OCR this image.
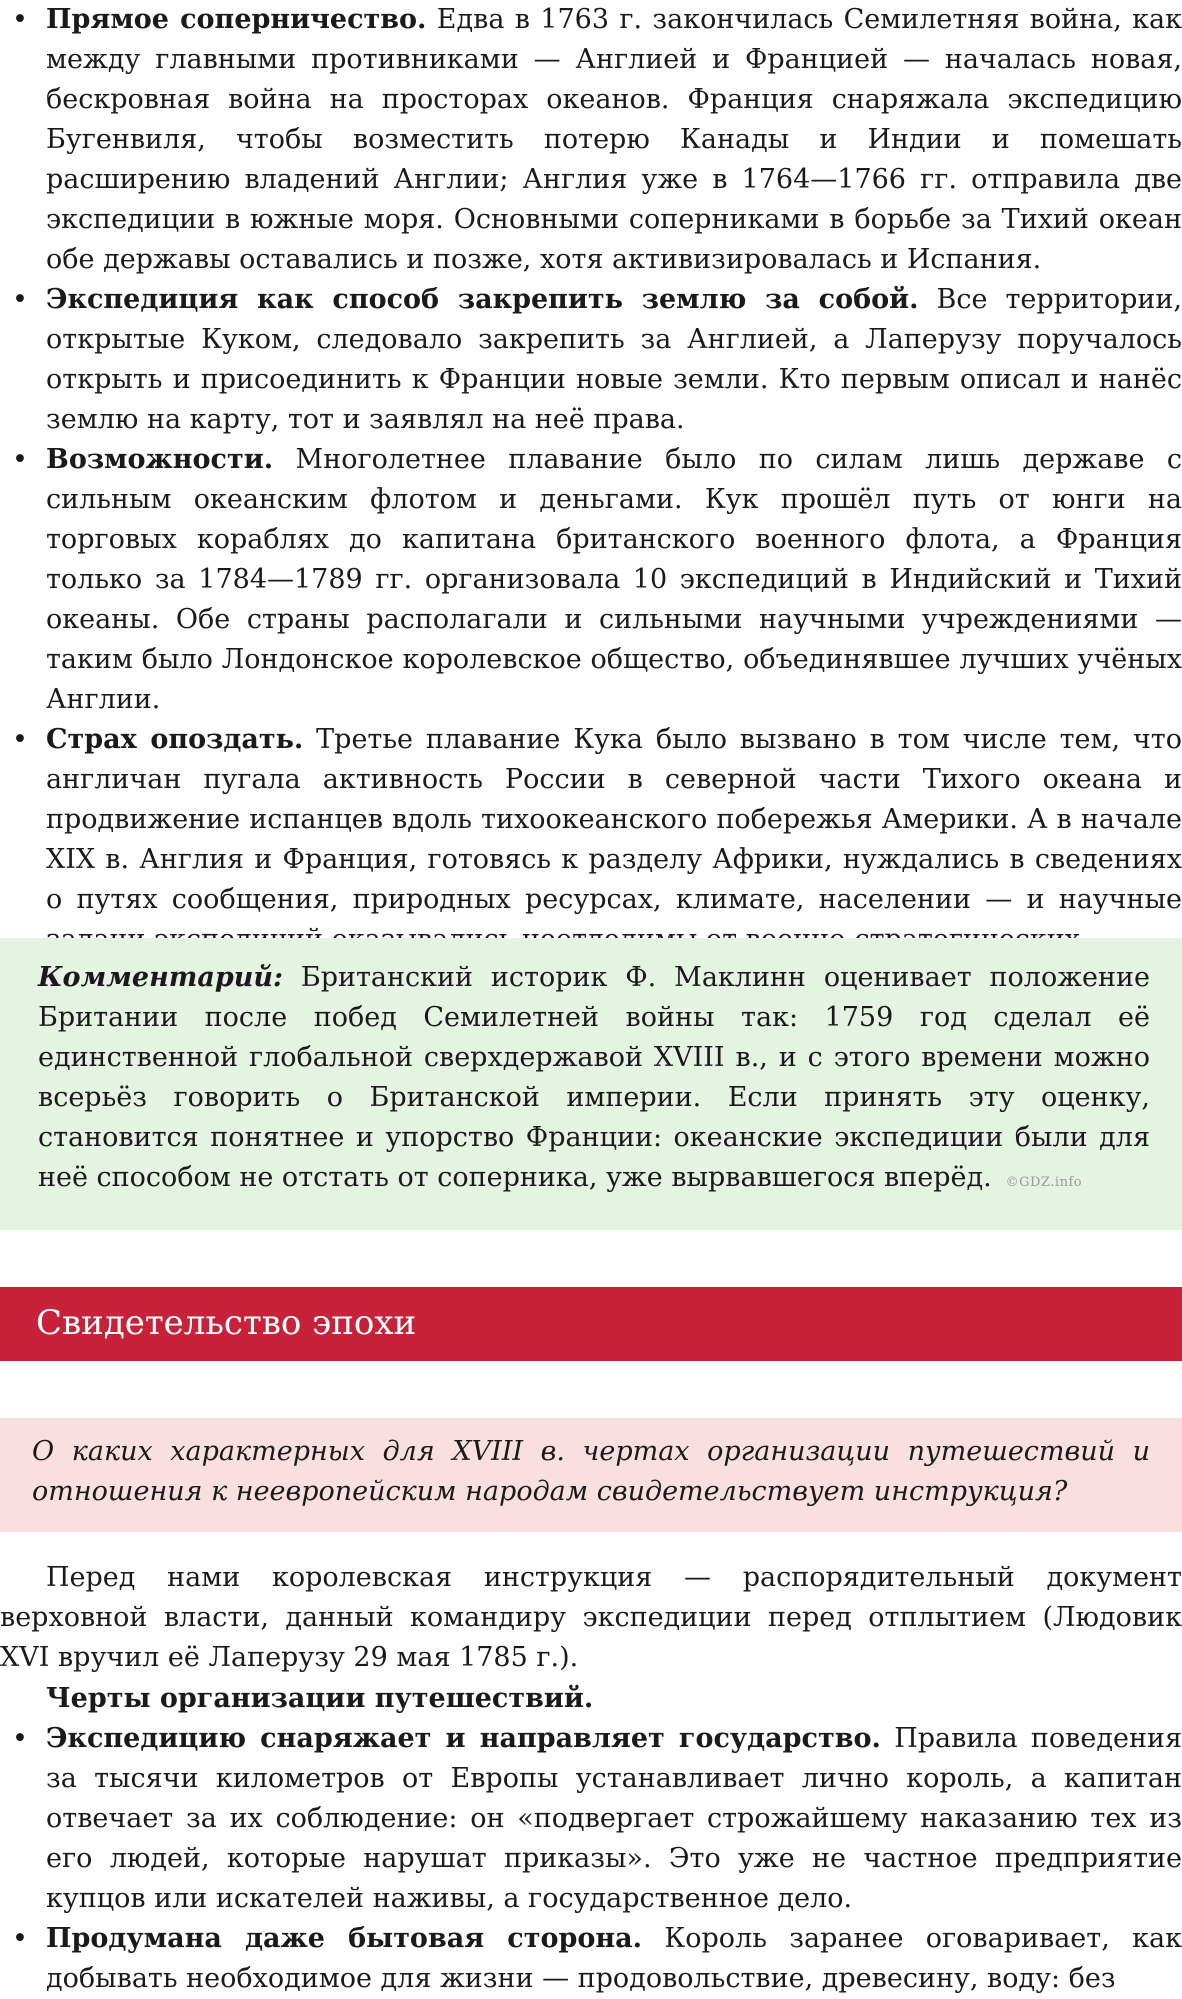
• Прямое соперничество. Едва в 1763 г. закончилась Семилетняя война, как между главными противниками — Англией и Францией — началась новая, бескровная война на просторах океанов. Франция снаряжала экспедицию Бугенвиля, чтобы возместить потерю Канады и Индии и помешать расширению владений Англии; Англия уже в 1764—1766 гг. отправила две экспедиции в южные моря. Основными соперниками в борьбе за Тихий океан обе державы оставались и позже, хотя активизировалась и Испания.
• Экспедиция как способ закрепить землю за собой. Все территории, открытые Куком, следовало закрепить за Англией, а Лаперузу поручалось открыть и присоединить к Франции новые земли. Кто первым описал и нанёс землю на карту, тот и заявлял на неё права.
• Возможности. Многолетнее плавание было по силам лишь державе с сильным океанским флотом и деньгами. Кук прошёл путь от юнги на торговых кораблях до капитана британского военного флота, а Франция только за 1784—1789 гг. организовала 10 экспедиций в Индийский и Тихий океаны. Обе страны располагали и сильными научными учреждениями — таким было Лондонское королевское общество, объединявшее лучших учёных Англии.
• Страх опоздать. Третье плавание Кука было вызвано в том числе тем, что англичан пугала активность России в северной части Тихого океана и продвижение испанцев вдоль тихоокеанского побережья Америки. А в начале XIX в. Англия и Франция, готовясь к разделу Африки, нуждались в сведениях о путях сообщения, природных ресурсах, климате, населении — и научные
Комментарий: Британский историк Ф. Маклинн оценивает положение Британии после побед Семилетней войны так: 1759 год сделал её единственной глобальной сверхдержавой XVIII в., и с этого времени можно всерьёз говорить о Британской империи. Если принять эту оценку, становится понятнее и упорство Франции: океанские экспедиции были для неё способом не отстать от соперника, уже вырвавшегося вперёд. ©GDZ.info
Свидетельство эпохи
О каких характерных для XVIII в. чертах организации путешествий и отношения к неевропейским народам свидетельствует инструкция?
Перед нами королевская инструкция — распорядительный документ верховной власти, данный командиру экспедиции перед отплытием (Людовик XVI вручил её Лаперузу 29 мая 1785 г.).
Черты организации путешествий.
• Экспедицию снаряжает и направляет государство. Правила поведения за тысячи километров от Европы устанавливает лично король, а капитан отвечает за их соблюдение: он «подвергает строжайшему наказанию тех из его людей, которые нарушат приказы». Это уже не частное предприятие купцов или искателей наживы, а государственное дело.
• Продумана даже бытовая сторона. Король заранее оговаривает, как добывать необходимое для жизни — продовольствие, древесину, воду: без
